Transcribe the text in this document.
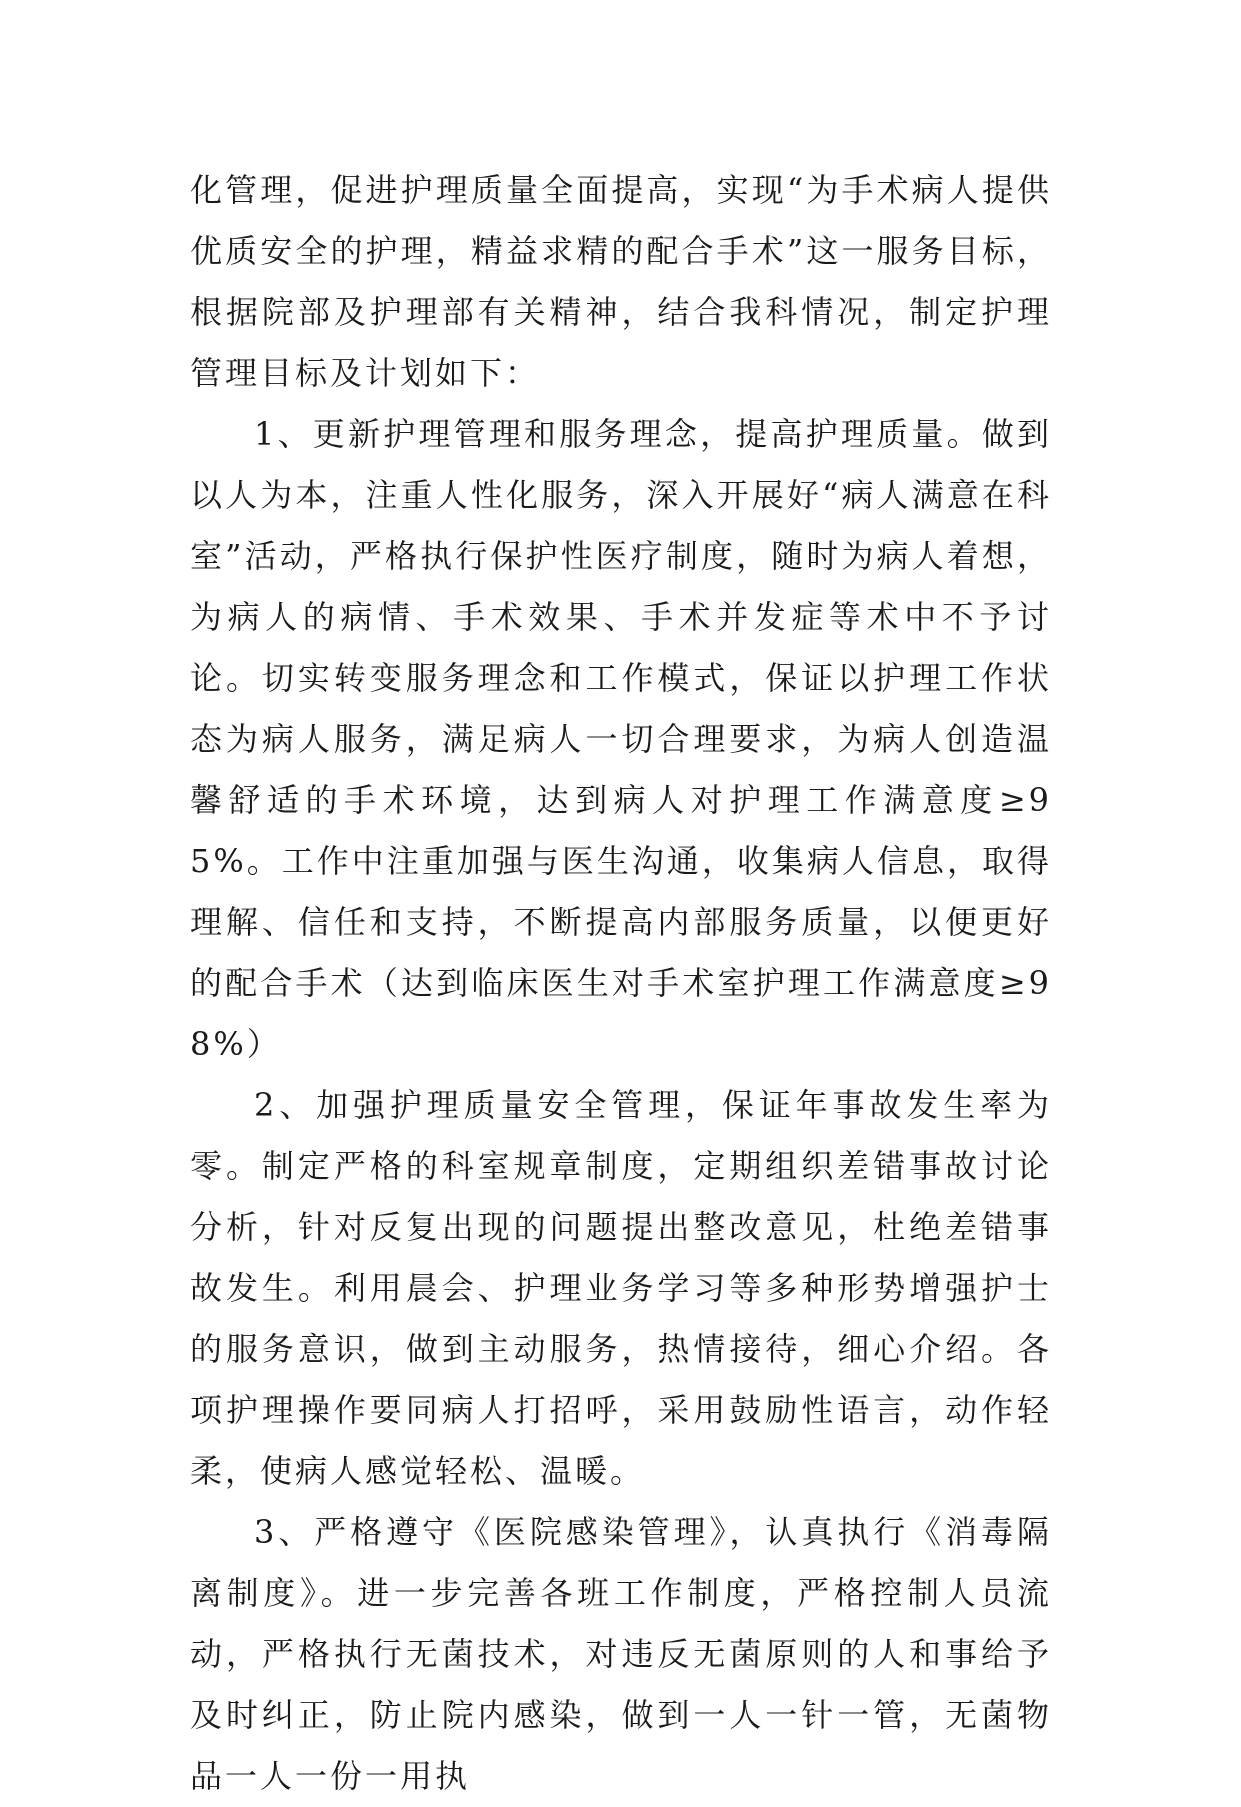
化管理，促进护理质量全面提高，实现“为手术病人提供优质安全的护理，精益求精的配合手术”这一服务目标，根据院部及护理部有关精神，结合我科情况，制定护理管理目标及计划如下：

1、更新护理管理和服务理念，提高护理质量。做到以人为本，注重人性化服务，深入开展好“病人满意在科室”活动，严格执行保护性医疗制度，随时为病人着想，为病人的病情、手术效果、手术并发症等术中不予讨论。切实转变服务理念和工作模式，保证以护理工作状态为病人服务，满足病人一切合理要求，为病人创造温馨舒适的手术环境，达到病人对护理工作满意度≥95%。工作中注重加强与医生沟通，收集病人信息，取得理解、信任和支持，不断提高内部服务质量，以便更好的配合手术（达到临床医生对手术室护理工作满意度≥98%）

2、加强护理质量安全管理，保证年事故发生率为零。制定严格的科室规章制度，定期组织差错事故讨论分析，针对反复出现的问题提出整改意见，杜绝差错事故发生。利用晨会、护理业务学习等多种形势增强护士的服务意识，做到主动服务，热情接待，细心介绍。各项护理操作要同病人打招呼，采用鼓励性语言，动作轻柔，使病人感觉轻松、温暖。

3、严格遵守《医院感染管理》，认真执行《消毒隔离制度》。进一步完善各班工作制度，严格控制人员流动，严格执行无菌技术，对违反无菌原则的人和事给予及时纠正，防止院内感染，做到一人一针一管，无菌物品一人一份一用执
